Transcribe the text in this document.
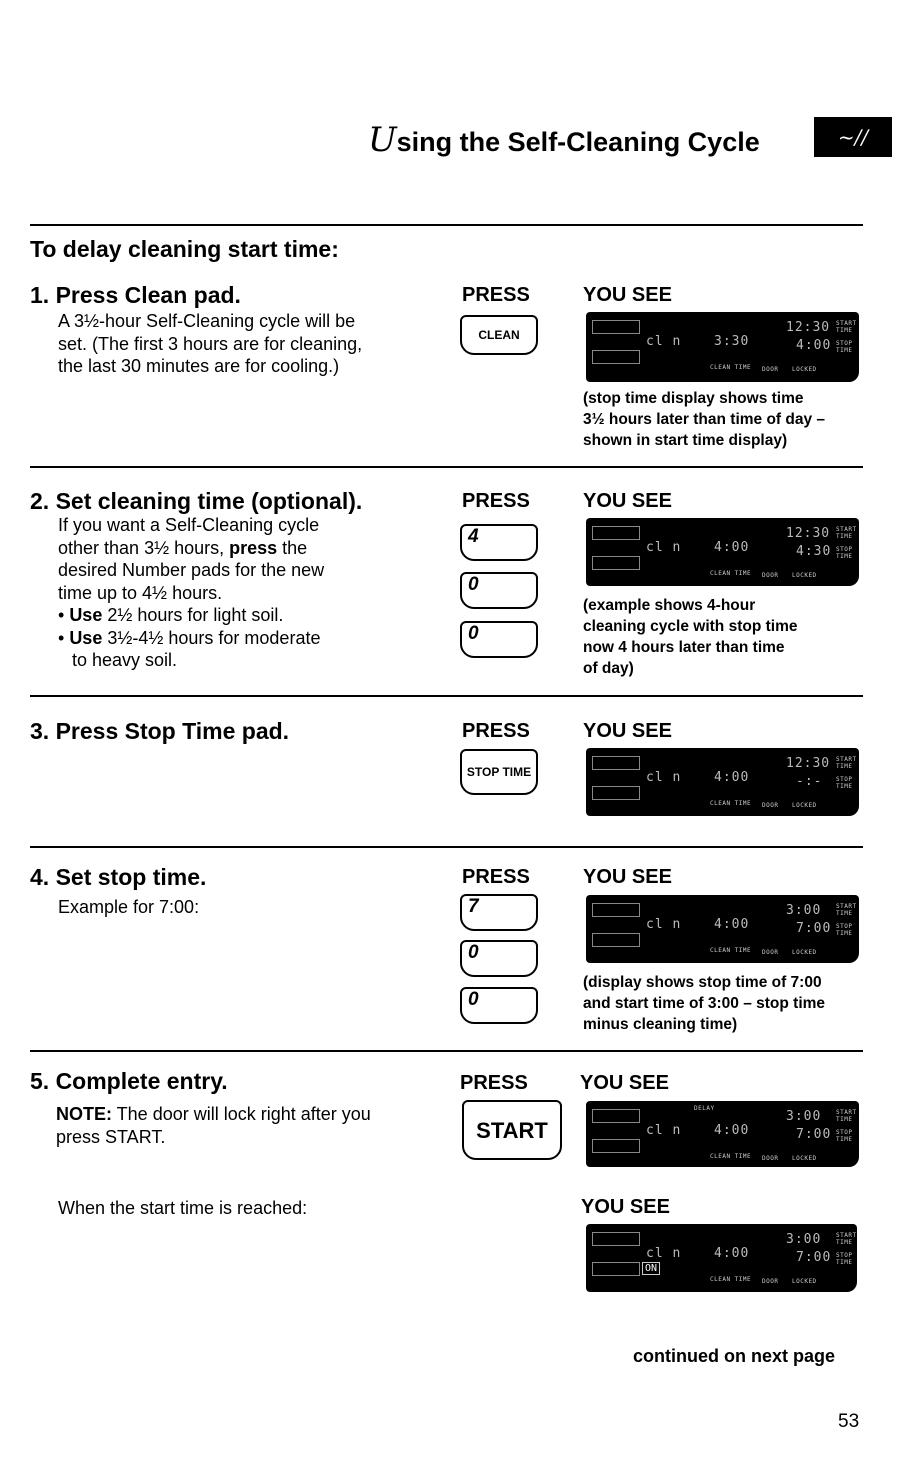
Using the Self-Cleaning Cycle	~∕∕
To delay cleaning start time:
1. Press Clean pad.
A 3½-hour Self-Cleaning cycle will be
set. (The first 3 hours are for cleaning,
the last 30 minutes are for cooling.)
PRESS	YOU SEE
CLEAN	cl n	3:30
12:30
4:00
START TIME
STOP TIME
CLEAN TIME DOOR LOCKED
(stop time display shows time
3½ hours later than time of day –
shown in start time display)
2. Set cleaning time (optional).
If you want a Self-Cleaning cycle
other than 3½ hours, press the
desired Number pads for the new
time up to 4½ hours.
• Use 2½ hours for light soil.
• Use 3½-4½ hours for moderate
to heavy soil.
PRESS	YOU SEE
4
0
0
cl n	4:00
12:30
4:30
START TIME
STOP TIME
CLEAN TIME DOOR LOCKED
(example shows 4-hour
cleaning cycle with stop time
now 4 hours later than time
of day)
3. Press Stop Time pad.	PRESS	YOU SEE
STOP TIME	cl n	4:00
12:30
-:-
START TIME
STOP TIME
CLEAN TIME DOOR LOCKED
4. Set stop time.
Example for 7:00:
PRESS	YOU SEE
7
0
0
cl n	4:00
3:00
7:00
START TIME
STOP TIME
CLEAN TIME DOOR LOCKED
(display shows stop time of 7:00
and start time of 3:00 – stop time
minus cleaning time)
5. Complete entry.
NOTE: The door will lock right after you
press START.
PRESS	YOU SEE
START	cl n	4:00
3:00
7:00
START TIME
STOP TIME
CLEAN TIME DOOR LOCKED
DELAY
When the start time is reached:	YOU SEE
cl n	4:00
3:00
7:00
START TIME
STOP TIME
CLEAN TIME DOOR LOCKED
ON
continued on next page
53
